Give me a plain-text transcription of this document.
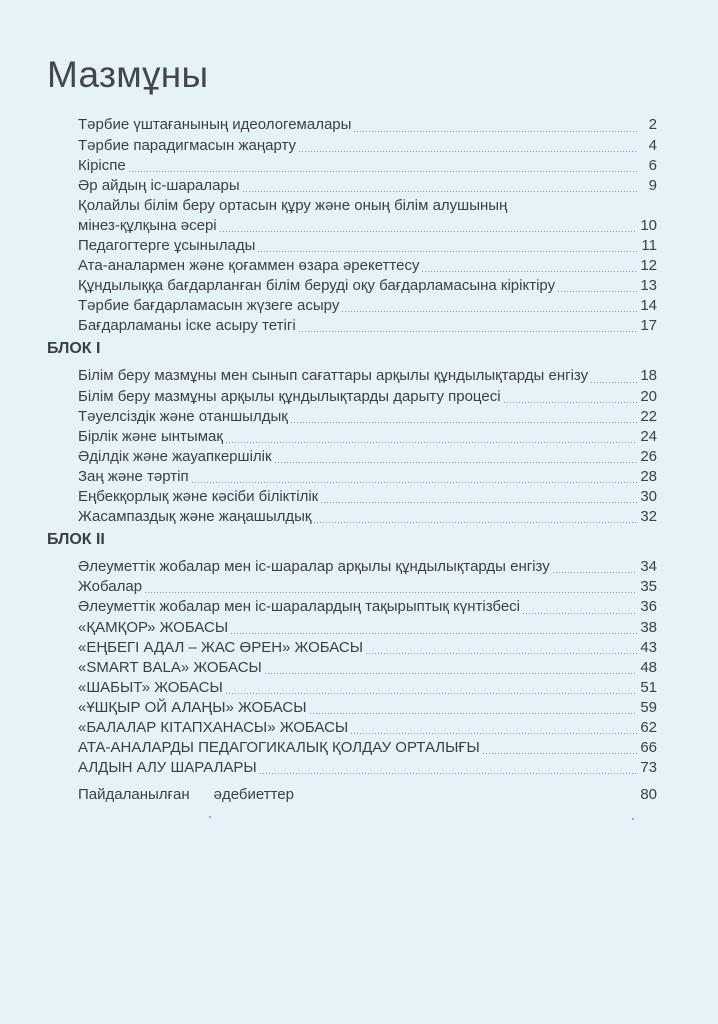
Мазмұны
Тәрбие үштағанының идеологемалары	2
Тәрбие парадигмасын жаңарту	4
Кіріспе	6
Әр айдың іс-шаралары	9
Қолайлы білім беру ортасын құру және оның білім алушының
мінез-құлқына әсері	10
Педагогтерге ұсынылады	11
Ата-аналармен және қоғаммен өзара әрекеттесу	12
Құндылыққа бағдарланған білім беруді оқу бағдарламасына кіріктіру	13
Тәрбие бағдарламасын жүзеге асыру	14
Бағдарламаны іске асыру тетігі	17
БЛОК I
Білім беру мазмұны мен сынып сағаттары арқылы құндылықтарды енгізу	18
Білім беру мазмұны арқылы құндылықтарды дарыту процесі	20
Тәуелсіздік және отаншылдық	22
Бірлік және ынтымақ	24
Әділдік және жауапкершілік	26
Заң және тәртіп	28
Еңбекқорлық және кәсіби біліктілік	30
Жасампаздық және жаңашылдық	32
БЛОК II
Әлеуметтік жобалар мен іс-шаралар арқылы құндылықтарды енгізу	34
Жобалар	35
Әлеуметтік жобалар мен іс-шаралардың тақырыптық күнтізбесі	36
«ҚАМҚОР» ЖОБАСЫ	38
«ЕҢБЕГІ АДАЛ – ЖАС ӨРЕН» ЖОБАСЫ	43
«SMART BALA» ЖОБАСЫ	48
«ШАБЫТ» ЖОБАСЫ	51
«ҰШҚЫР ОЙ АЛАҢЫ» ЖОБАСЫ	59
«БАЛАЛАР КІТАПХАНАСЫ» ЖОБАСЫ	62
АТА-АНАЛАРДЫ ПЕДАГОГИКАЛЫҚ ҚОЛДАУ ОРТАЛЫҒЫ	66
АЛДЫН АЛУ ШАРАЛАРЫ	73
Пайдаланылған әдебиеттер	80
